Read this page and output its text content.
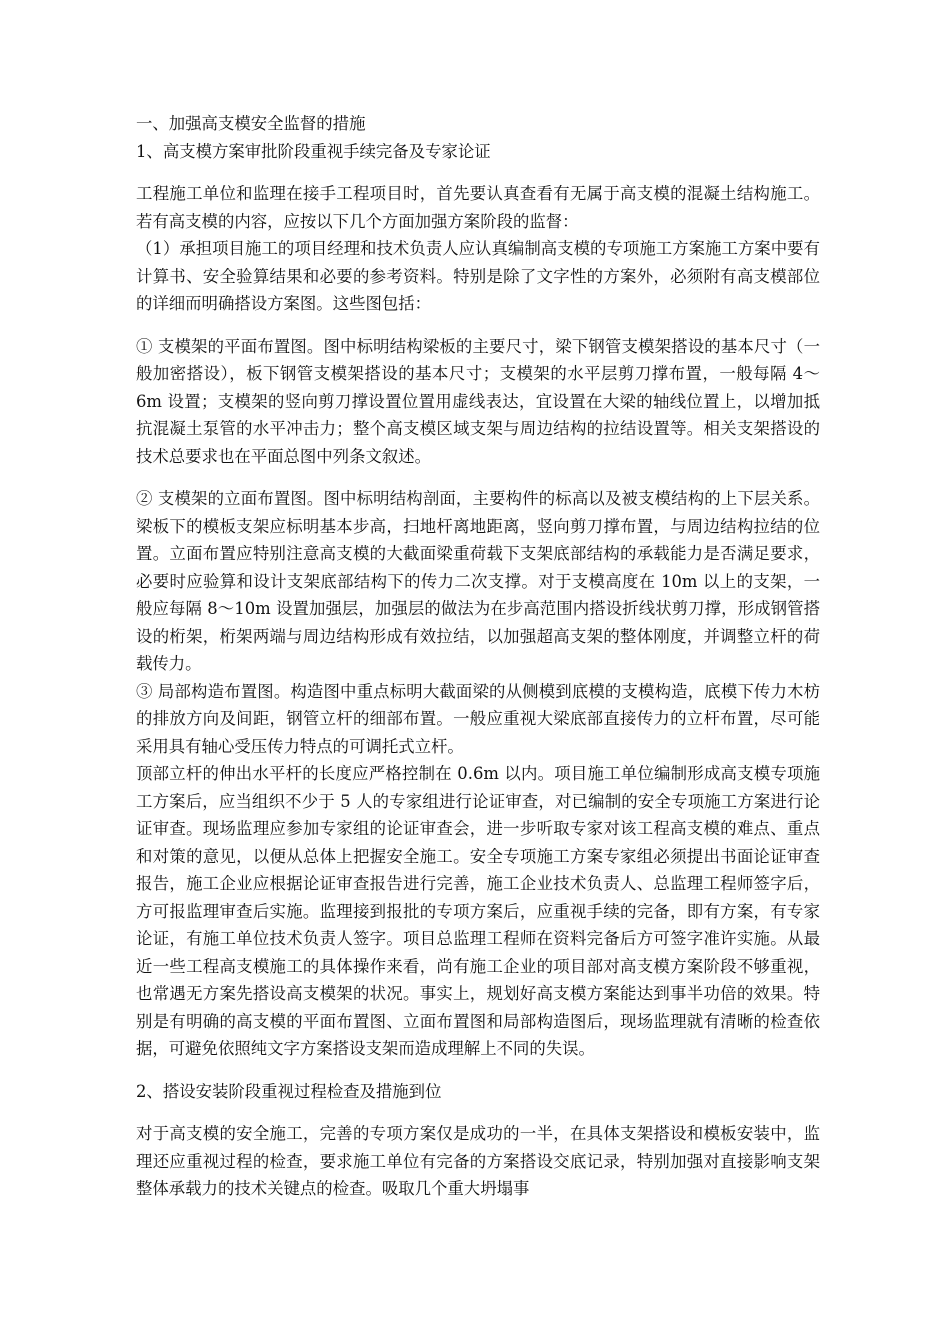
一、加强高支模安全监督的措施

1、高支模方案审批阶段重视手续完备及专家论证

工程施工单位和监理在接手工程项目时，首先要认真查看有无属于高支模的混凝土结构施工。若有高支模的内容，应按以下几个方面加强方案阶段的监督：

（1）承担项目施工的项目经理和技术负责人应认真编制高支模的专项施工方案施工方案中要有计算书、安全验算结果和必要的参考资料。特别是除了文字性的方案外，必须附有高支模部位的详细而明确搭设方案图。这些图包括：

① 支模架的平面布置图。图中标明结构梁板的主要尺寸，梁下钢管支模架搭设的基本尺寸（一般加密搭设），板下钢管支模架搭设的基本尺寸；支模架的水平层剪刀撑布置，一般每隔 4～6m 设置；支模架的竖向剪刀撑设置位置用虚线表达，宜设置在大梁的轴线位置上，以增加抵抗混凝土泵管的水平冲击力；整个高支模区域支架与周边结构的拉结设置等。相关支架搭设的技术总要求也在平面总图中列条文叙述。

② 支模架的立面布置图。图中标明结构剖面，主要构件的标高以及被支模结构的上下层关系。梁板下的模板支架应标明基本步高，扫地杆离地距离，竖向剪刀撑布置，与周边结构拉结的位置。立面布置应特别注意高支模的大截面梁重荷载下支架底部结构的承载能力是否满足要求，必要时应验算和设计支架底部结构下的传力二次支撑。对于支模高度在 10m 以上的支架，一般应每隔 8～10m 设置加强层，加强层的做法为在步高范围内搭设折线状剪刀撑，形成钢管搭设的桁架，桁架两端与周边结构形成有效拉结，以加强超高支架的整体刚度，并调整立杆的荷载传力。

③ 局部构造布置图。构造图中重点标明大截面梁的从侧模到底模的支模构造，底模下传力木枋的排放方向及间距，钢管立杆的细部布置。一般应重视大梁底部直接传力的立杆布置，尽可能采用具有轴心受压传力特点的可调托式立杆。

顶部立杆的伸出水平杆的长度应严格控制在 0.6m 以内。项目施工单位编制形成高支模专项施工方案后，应当组织不少于 5 人的专家组进行论证审查，对已编制的安全专项施工方案进行论证审查。现场监理应参加专家组的论证审查会，进一步听取专家对该工程高支模的难点、重点和对策的意见，以便从总体上把握安全施工。安全专项施工方案专家组必须提出书面论证审查报告，施工企业应根据论证审查报告进行完善，施工企业技术负责人、总监理工程师签字后，方可报监理审查后实施。监理接到报批的专项方案后，应重视手续的完备，即有方案，有专家论证，有施工单位技术负责人签字。项目总监理工程师在资料完备后方可签字准许实施。从最近一些工程高支模施工的具体操作来看，尚有施工企业的项目部对高支模方案阶段不够重视，也常遇无方案先搭设高支模架的状况。事实上，规划好高支模方案能达到事半功倍的效果。特别是有明确的高支模的平面布置图、立面布置图和局部构造图后，现场监理就有清晰的检查依据，可避免依照纯文字方案搭设支架而造成理解上不同的失误。

2、搭设安装阶段重视过程检查及措施到位

对于高支模的安全施工，完善的专项方案仅是成功的一半，在具体支架搭设和模板安装中，监理还应重视过程的检查，要求施工单位有完备的方案搭设交底记录，特别加强对直接影响支架整体承载力的技术关键点的检查。吸取几个重大坍塌事
